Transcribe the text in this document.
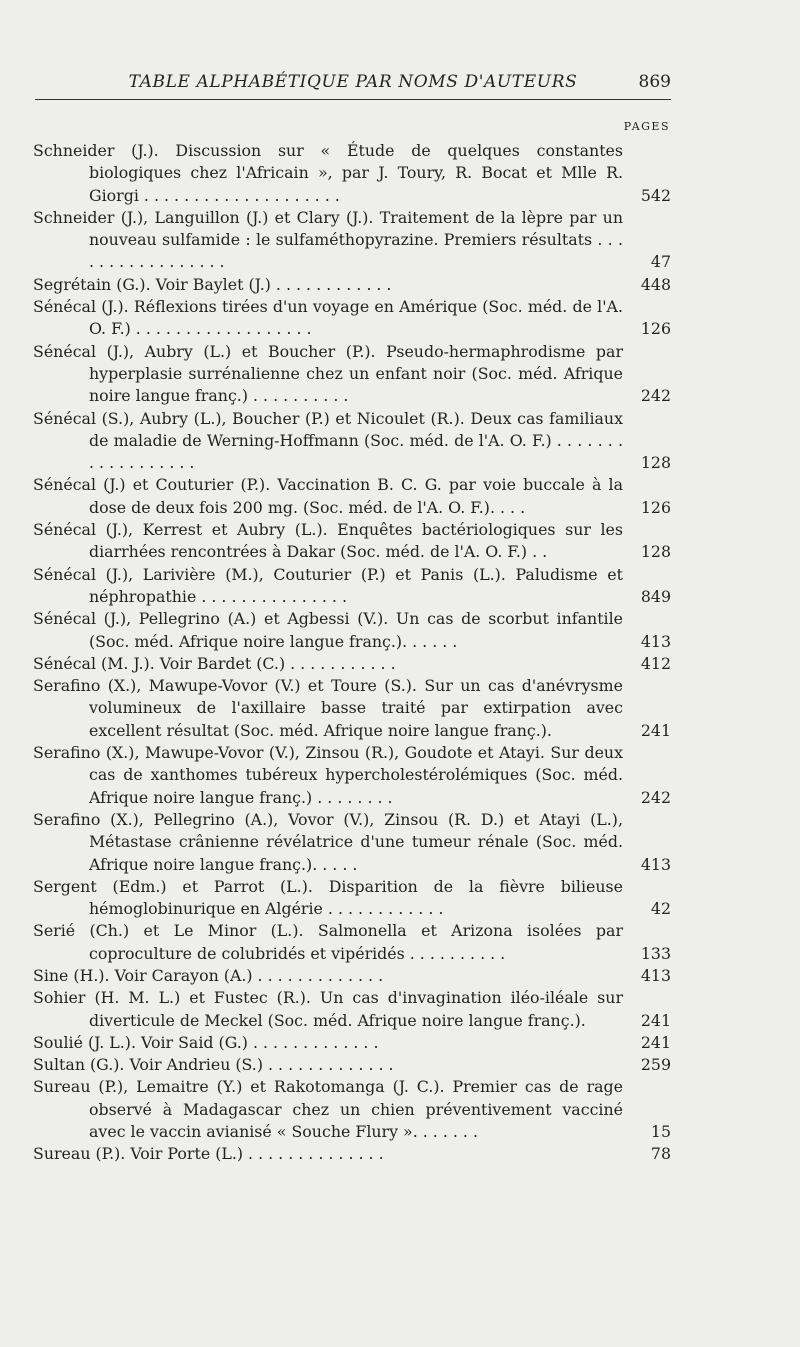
TABLE ALPHABÉTIQUE PAR NOMS D'AUTEURS	869
PAGES
Schneider (J.). Discussion sur « Étude de quelques constantes biologiques chez l'Africain », par J. Toury, R. Bocat et Mlle R. Giorgi . . . . . . . . . . . . . . . . . . . .	542
Schneider (J.), Languillon (J.) et Clary (J.). Traitement de la lèpre par un nouveau sulfamide : le sulfaméthopyrazine. Premiers résultats . . . . . . . . . . . . . . . . .	47
Segrétain (G.). Voir Baylet (J.) . . . . . . . . . . . .	448
Sénécal (J.). Réflexions tirées d'un voyage en Amérique (Soc. méd. de l'A. O. F.) . . . . . . . . . . . . . . . . . .	126
Sénécal (J.), Aubry (L.) et Boucher (P.). Pseudo-hermaphrodisme par hyperplasie surrénalienne chez un enfant noir (Soc. méd. Afrique noire langue franç.) . . . . . . . . . .	242
Sénécal (S.), Aubry (L.), Boucher (P.) et Nicoulet (R.). Deux cas familiaux de maladie de Werning-Hoffmann (Soc. méd. de l'A. O. F.) . . . . . . . . . . . . . . . . . .	128
Sénécal (J.) et Couturier (P.). Vaccination B. C. G. par voie buccale à la dose de deux fois 200 mg. (Soc. méd. de l'A. O. F.). . . .	126
Sénécal (J.), Kerrest et Aubry (L.). Enquêtes bactériologiques sur les diarrhées rencontrées à Dakar (Soc. méd. de l'A. O. F.) . .	128
Sénécal (J.), Larivière (M.), Couturier (P.) et Panis (L.). Paludisme et néphropathie . . . . . . . . . . . . . . .	849
Sénécal (J.), Pellegrino (A.) et Agbessi (V.). Un cas de scorbut infantile (Soc. méd. Afrique noire langue franç.). . . . . .	413
Sénécal (M. J.). Voir Bardet (C.) . . . . . . . . . . .	412
Serafino (X.), Mawupe-Vovor (V.) et Toure (S.). Sur un cas d'anévrysme volumineux de l'axillaire basse traité par extirpation avec excellent résultat (Soc. méd. Afrique noire langue franç.).	241
Serafino (X.), Mawupe-Vovor (V.), Zinsou (R.), Goudote et Atayi. Sur deux cas de xanthomes tubéreux hypercholestérolémiques (Soc. méd. Afrique noire langue franç.) . . . . . . . .	242
Serafino (X.), Pellegrino (A.), Vovor (V.), Zinsou (R. D.) et Atayi (L.), Métastase crânienne révélatrice d'une tumeur rénale (Soc. méd. Afrique noire langue franç.). . . . .	413
Sergent (Edm.) et Parrot (L.). Disparition de la fièvre bilieuse hémoglobinurique en Algérie . . . . . . . . . . . .	42
Serié (Ch.) et Le Minor (L.). Salmonella et Arizona isolées par coproculture de colubridés et vipéridés . . . . . . . . . .	133
Sine (H.). Voir Carayon (A.) . . . . . . . . . . . . .	413
Sohier (H. M. L.) et Fustec (R.). Un cas d'invagination iléo-iléale sur diverticule de Meckel (Soc. méd. Afrique noire langue franç.).	241
Soulié (J. L.). Voir Said (G.) . . . . . . . . . . . . .	241
Sultan (G.). Voir Andrieu (S.) . . . . . . . . . . . . .	259
Sureau (P.), Lemaitre (Y.) et Rakotomanga (J. C.). Premier cas de rage observé à Madagascar chez un chien préventivement vacciné avec le vaccin avianisé « Souche Flury ». . . . . . .	15
Sureau (P.). Voir Porte (L.) . . . . . . . . . . . . . .	78
